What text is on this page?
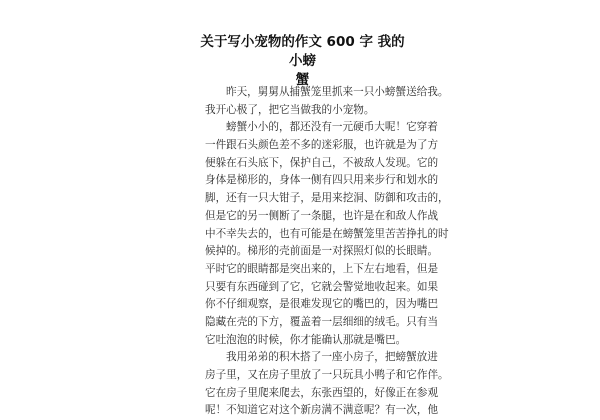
关于写小宠物的作文 600 字 我的小螃
蟹
昨天，舅舅从捕蟹笼里抓来一只小螃蟹送给我。
我开心极了，把它当做我的小宠物。
螃蟹小小的，都还没有一元硬币大呢！它穿着
一件跟石头颜色差不多的迷彩服，也许就是为了方
便躲在石头底下，保护自己，不被敌人发现。它的
身体是梯形的，身体一侧有四只用来步行和划水的
脚，还有一只大钳子，是用来挖洞、防御和攻击的，
但是它的另一侧断了一条腿，也许是在和敌人作战
中不幸失去的，也有可能是在螃蟹笼里苦苦挣扎的时
候掉的。梯形的壳前面是一对探照灯似的长眼睛。
平时它的眼睛都是突出来的，上下左右地看，但是
只要有东西碰到了它，它就会警觉地收起来。如果
你不仔细观察，是很难发现它的嘴巴的，因为嘴巴
隐藏在壳的下方，覆盖着一层细细的绒毛。只有当
它吐泡泡的时候，你才能确认那就是嘴巴。
我用弟弟的积木搭了一座小房子，把螃蟹放进
房子里，又在房子里放了一只玩具小鸭子和它作伴。
它在房子里爬来爬去，东张西望的，好像正在参观
呢！不知道它对这个新房满不满意呢？有一次，他
